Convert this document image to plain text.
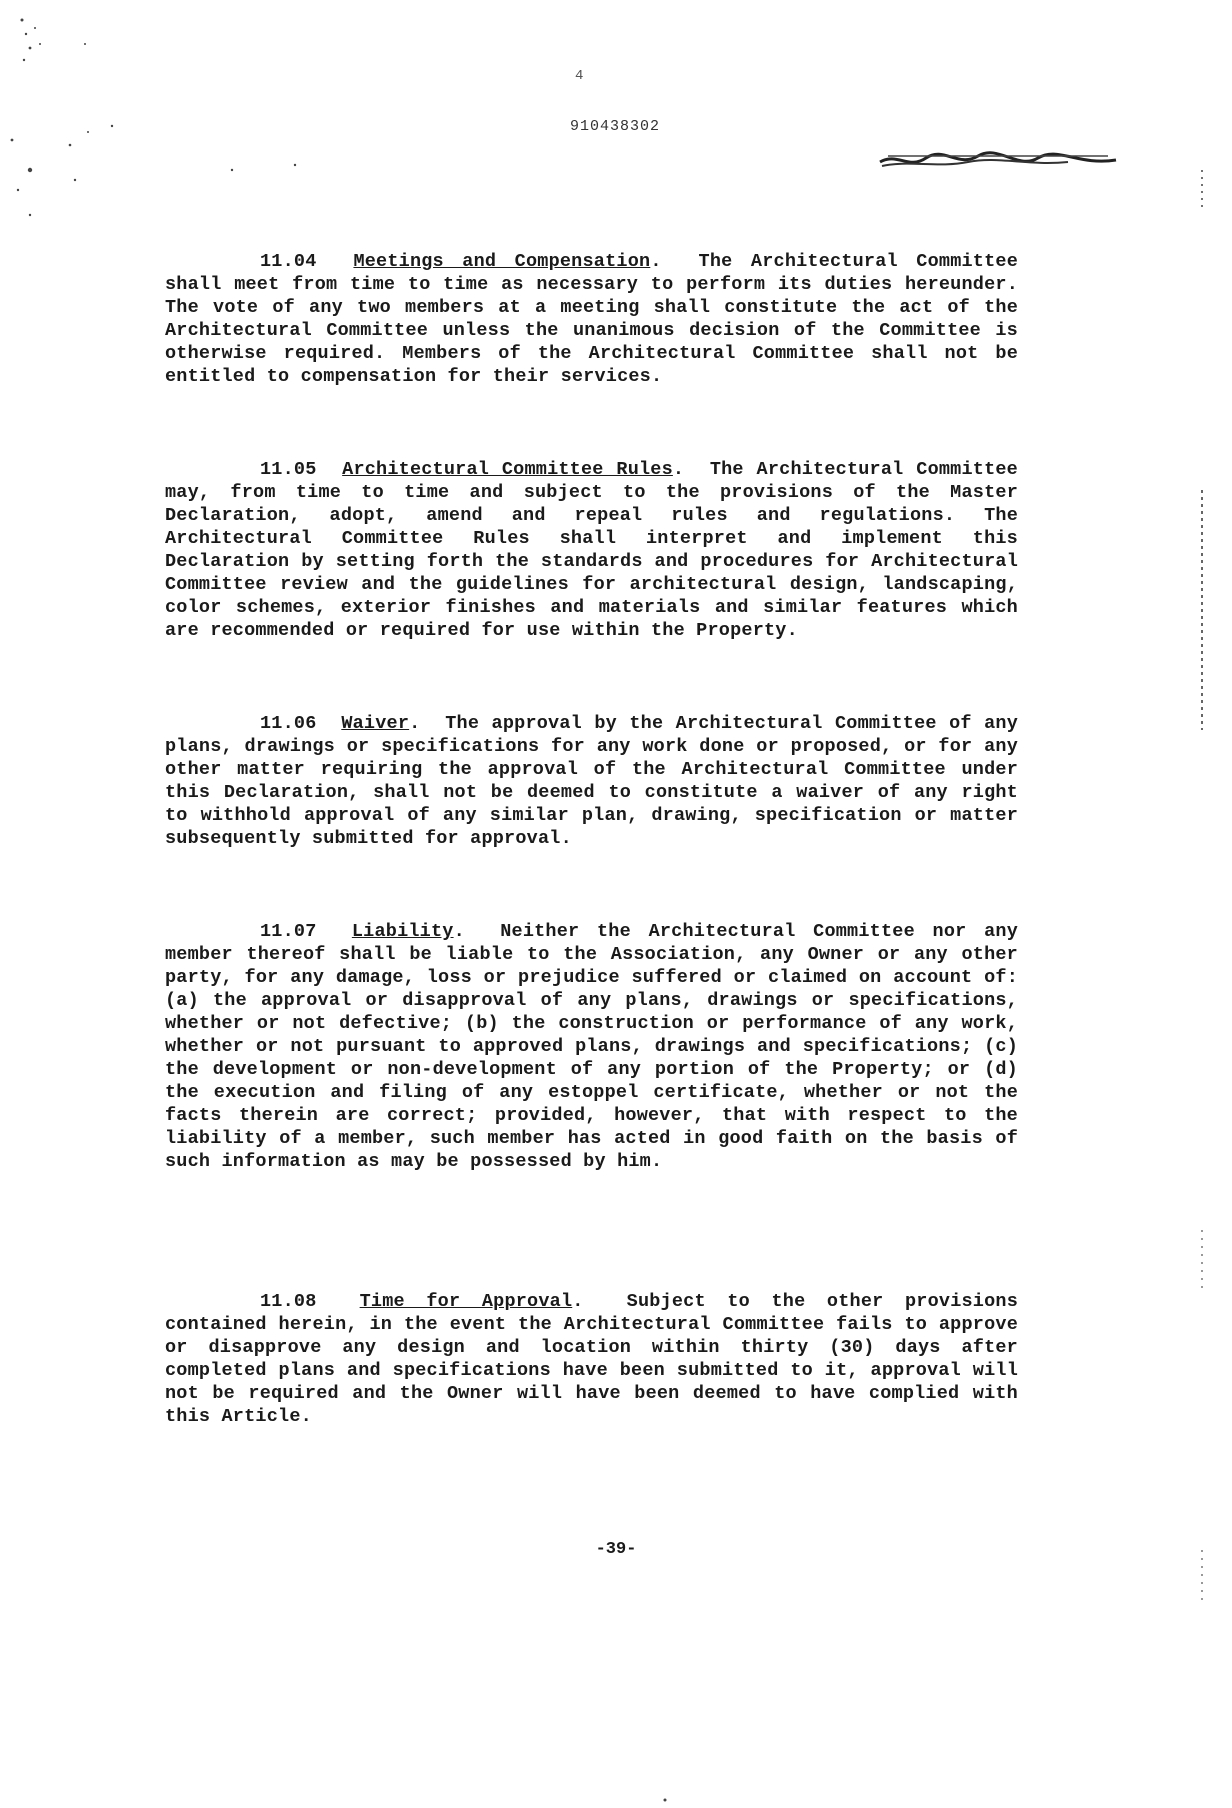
4
910438302
11.04 Meetings and Compensation.  The Architectural Committee shall meet from time to time as necessary to perform its duties hereunder. The vote of any two members at a meeting shall constitute the act of the Architectural Committee unless the unanimous decision of the Committee is otherwise required. Members of the Architectural Committee shall not be entitled to compensation for their services.
11.05 Architectural Committee Rules.  The Architectural Committee may, from time to time and subject to the provisions of the Master Declaration, adopt, amend and repeal rules and regulations. The Architectural Committee Rules shall interpret and implement this Declaration by setting forth the standards and procedures for Architectural Committee review and the guidelines for architectural design, landscaping, color schemes, exterior finishes and materials and similar features which are recommended or required for use within the Property.
11.06 Waiver.  The approval by the Architectural Committee of any plans, drawings or specifications for any work done or proposed, or for any other matter requiring the approval of the Architectural Committee under this Declaration, shall not be deemed to constitute a waiver of any right to withhold approval of any similar plan, drawing, specification or matter subsequently submitted for approval.
11.07 Liability.  Neither the Architectural Committee nor any member thereof shall be liable to the Association, any Owner or any other party, for any damage, loss or prejudice suffered or claimed on account of: (a) the approval or disapproval of any plans, drawings or specifications, whether or not defective; (b) the construction or performance of any work, whether or not pursuant to approved plans, drawings and specifications; (c) the development or non-development of any portion of the Property; or (d) the execution and filing of any estoppel certificate, whether or not the facts therein are correct; provided, however, that with respect to the liability of a member, such member has acted in good faith on the basis of such information as may be possessed by him.
11.08 Time for Approval.  Subject to the other provisions contained herein, in the event the Architectural Committee fails to approve or disapprove any design and location within thirty (30) days after completed plans and specifications have been submitted to it, approval will not be required and the Owner will have been deemed to have complied with this Article.
-39-
